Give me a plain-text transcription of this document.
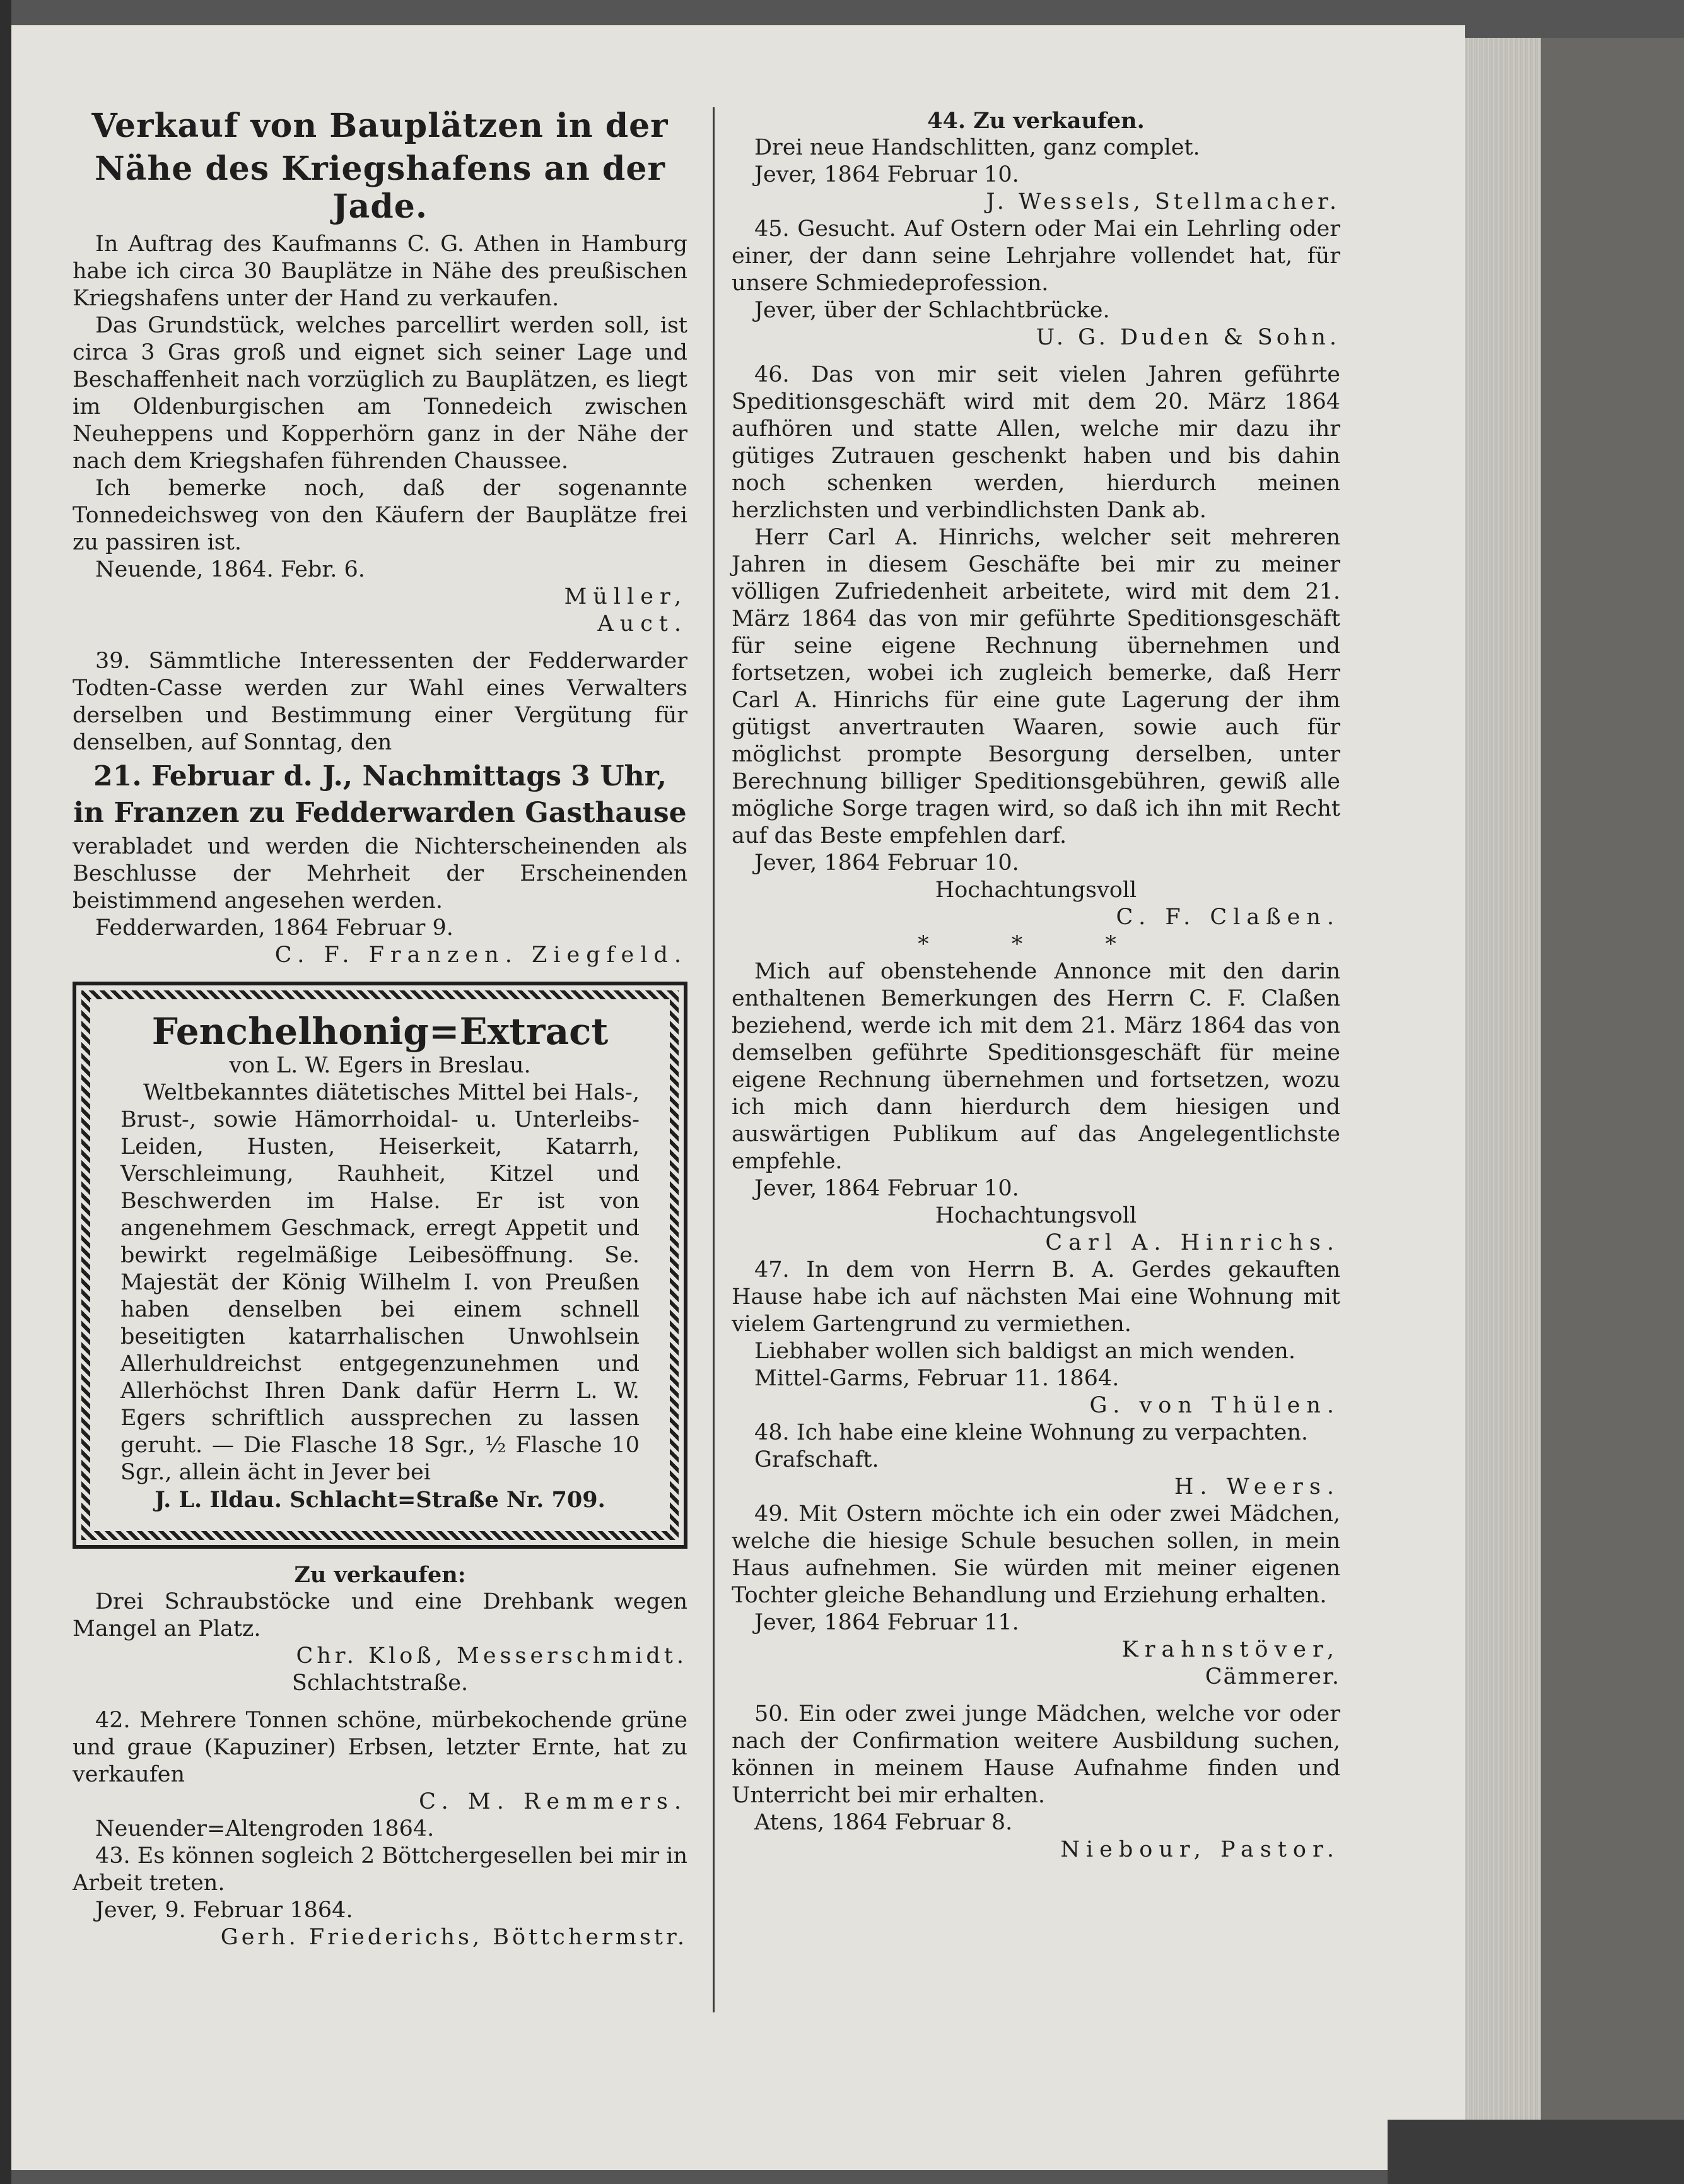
Verkauf von Bauplätzen in der
Nähe des Kriegshafens an der Jade.

In Auftrag des Kaufmanns C. G. Athen in Hamburg habe ich circa 30 Bauplätze in Nähe des preußischen Kriegshafens unter der Hand zu verkaufen.

Das Grundstück, welches parcellirt werden soll, ist circa 3 Gras groß und eignet sich seiner Lage und Beschaffenheit nach vorzüglich zu Bauplätzen, es liegt im Oldenburgischen am Tonnedeich zwischen Neuheppens und Kopperhörn ganz in der Nähe der nach dem Kriegshafen führenden Chaussee.

Ich bemerke noch, daß der sogenannte Tonnedeichsweg von den Käufern der Bauplätze frei zu passiren ist.

Neuende, 1864. Febr. 6.

Müller,

Auct.

39. Sämmtliche Interessenten der Fedderwarder Todten-Casse werden zur Wahl eines Verwalters derselben und Bestimmung einer Vergütung für denselben, auf Sonntag, den

21. Februar d. J., Nachmittags 3 Uhr,
in Franzen zu Fedderwarden Gasthause

verabladet und werden die Nichterscheinenden als Beschlusse der Mehrheit der Erscheinenden beistimmend angesehen werden.

Fedderwarden, 1864 Februar 9.

C. F. Franzen. Ziegfeld.

Fenchelhonig=Extract

von L. W. Egers in Breslau.

Weltbekanntes diätetisches Mittel bei Hals-, Brust-, sowie Hämorrhoidal- u. Unterleibs-Leiden, Husten, Heiserkeit, Katarrh, Verschleimung, Rauhheit, Kitzel und Beschwerden im Halse. Er ist von angenehmem Geschmack, erregt Appetit und bewirkt regelmäßige Leibesöffnung. Se. Majestät der König Wilhelm I. von Preußen haben denselben bei einem schnell beseitigten katarrhalischen Unwohlsein Allerhuldreichst entgegenzunehmen und Allerhöchst Ihren Dank dafür Herrn L. W. Egers schriftlich aussprechen zu lassen geruht. — Die Flasche 18 Sgr., ½ Flasche 10 Sgr., allein ächt in Jever bei

J. L. Ildau. Schlacht=Straße Nr. 709.

Zu verkaufen:

Drei Schraubstöcke und eine Drehbank wegen Mangel an Platz.

Chr. Kloß, Messerschmidt.

Schlachtstraße.

42. Mehrere Tonnen schöne, mürbekochende grüne und graue (Kapuziner) Erbsen, letzter Ernte, hat zu verkaufen

C. M. Remmers.

Neuender=Altengroden 1864.

43. Es können sogleich 2 Böttchergesellen bei mir in Arbeit treten.

Jever, 9. Februar 1864.

Gerh. Friederichs, Böttchermstr.

44. Zu verkaufen.

Drei neue Handschlitten, ganz complet.

Jever, 1864 Februar 10.

J. Wessels, Stellmacher.

45. Gesucht. Auf Ostern oder Mai ein Lehrling oder einer, der dann seine Lehrjahre vollendet hat, für unsere Schmiedeprofession.

Jever, über der Schlachtbrücke.

U. G. Duden & Sohn.

46. Das von mir seit vielen Jahren geführte Speditionsgeschäft wird mit dem 20. März 1864 aufhören und statte Allen, welche mir dazu ihr gütiges Zutrauen geschenkt haben und bis dahin noch schenken werden, hierdurch meinen herzlichsten und verbindlichsten Dank ab.

Herr Carl A. Hinrichs, welcher seit mehreren Jahren in diesem Geschäfte bei mir zu meiner völligen Zufriedenheit arbeitete, wird mit dem 21. März 1864 das von mir geführte Speditionsgeschäft für seine eigene Rechnung übernehmen und fortsetzen, wobei ich zugleich bemerke, daß Herr Carl A. Hinrichs für eine gute Lagerung der ihm gütigst anvertrauten Waaren, sowie auch für möglichst prompte Besorgung derselben, unter Berechnung billiger Speditionsgebühren, gewiß alle mögliche Sorge tragen wird, so daß ich ihn mit Recht auf das Beste empfehlen darf.

Jever, 1864 Februar 10.

Hochachtungsvoll

C. F. Claßen.

* * *

Mich auf obenstehende Annonce mit den darin enthaltenen Bemerkungen des Herrn C. F. Claßen beziehend, werde ich mit dem 21. März 1864 das von demselben geführte Speditionsgeschäft für meine eigene Rechnung übernehmen und fortsetzen, wozu ich mich dann hierdurch dem hiesigen und auswärtigen Publikum auf das Angelegentlichste empfehle.

Jever, 1864 Februar 10.

Hochachtungsvoll

Carl A. Hinrichs.

47. In dem von Herrn B. A. Gerdes gekauften Hause habe ich auf nächsten Mai eine Wohnung mit vielem Gartengrund zu vermiethen.

Liebhaber wollen sich baldigst an mich wenden.

Mittel-Garms, Februar 11. 1864.

G. von Thülen.

48. Ich habe eine kleine Wohnung zu verpachten.

Grafschaft.

H. Weers.

49. Mit Ostern möchte ich ein oder zwei Mädchen, welche die hiesige Schule besuchen sollen, in mein Haus aufnehmen. Sie würden mit meiner eigenen Tochter gleiche Behandlung und Erziehung erhalten.

Jever, 1864 Februar 11.

Krahnstöver,

Cämmerer.

50. Ein oder zwei junge Mädchen, welche vor oder nach der Confirmation weitere Ausbildung suchen, können in meinem Hause Aufnahme finden und Unterricht bei mir erhalten.

Atens, 1864 Februar 8.

Niebour, Pastor.
